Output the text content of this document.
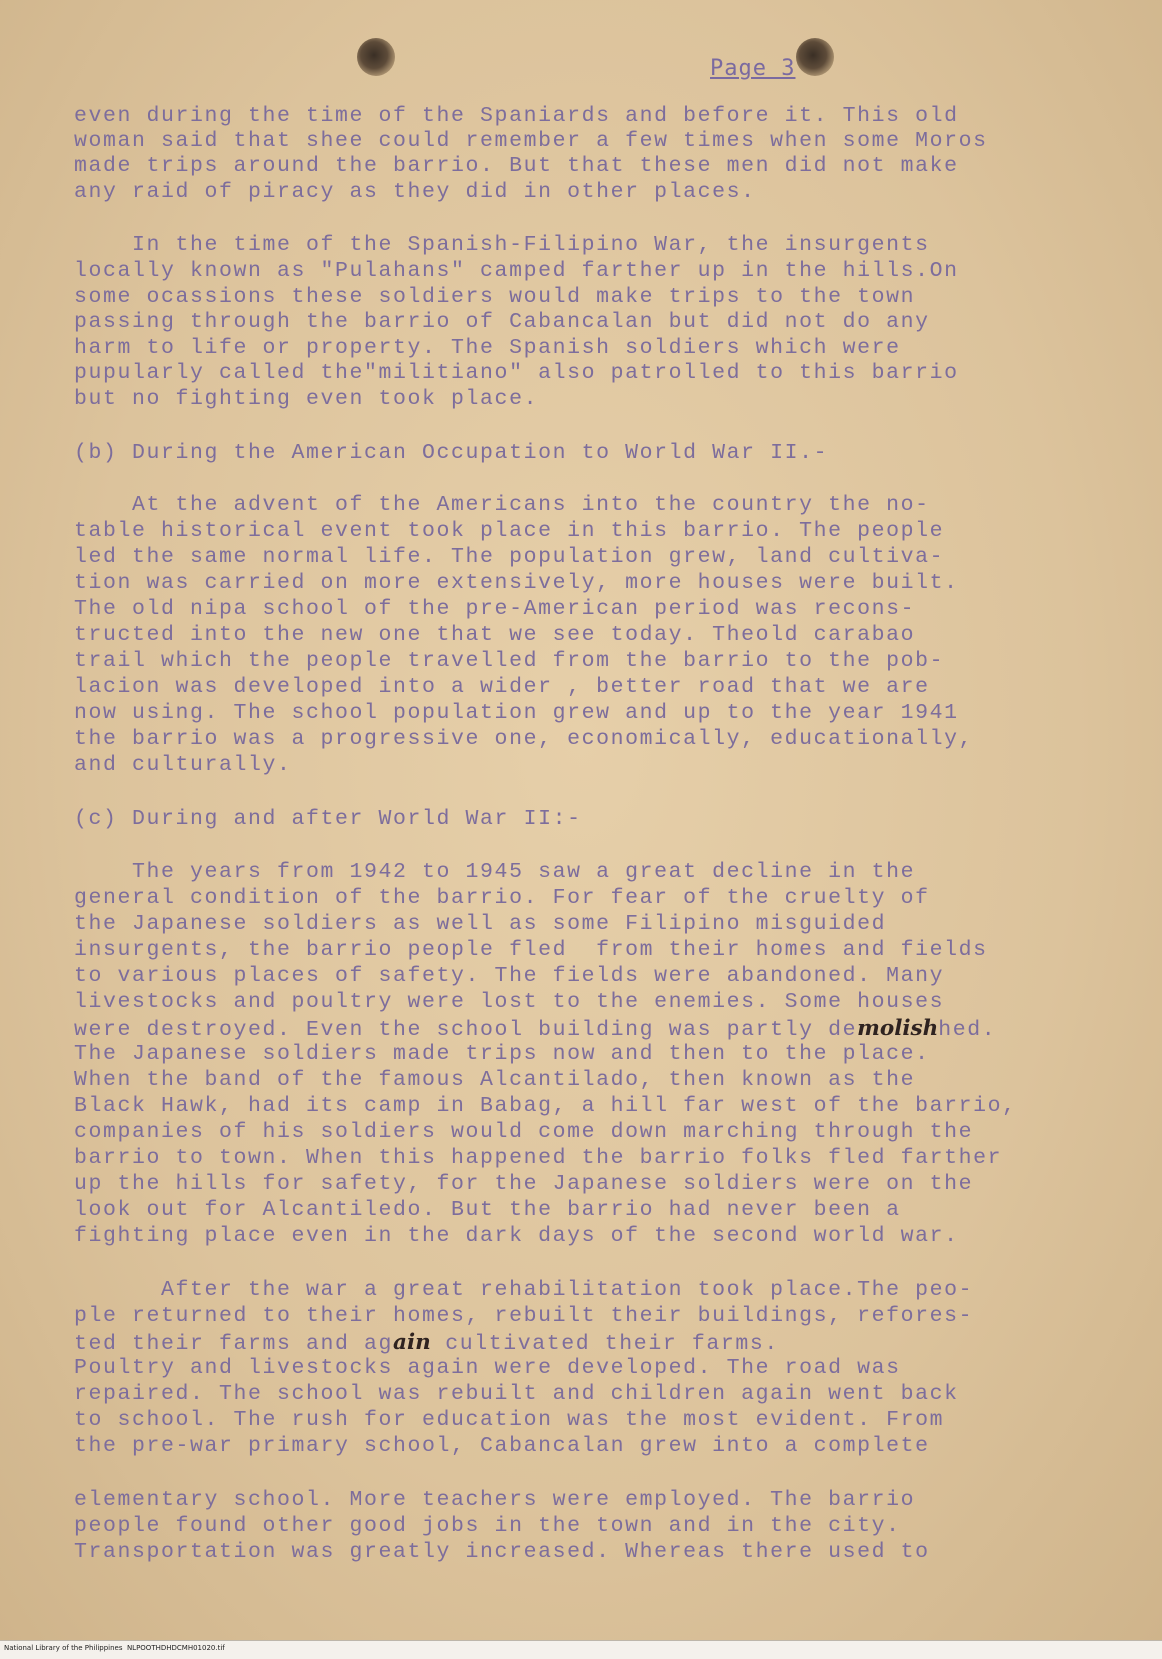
Page 3
even during the time of the Spaniards and before it. This old
woman said that shee could remember a few times when some Moros
made trips around the barrio. But that these men did not make
any raid of piracy as they did in other places.
In the time of the Spanish-Filipino War, the insurgents
locally known as "Pulahans" camped farther up in the hills.On
some ocassions these soldiers would make trips to the town
passing through the barrio of Cabancalan but did not do any
harm to life or property. The Spanish soldiers which were
pupularly called the"militiano" also patrolled to this barrio
but no fighting even took place.
(b) During the American Occupation to World War II.-
At the advent of the Americans into the country the no-
table historical event took place in this barrio. The people
led the same normal life. The population grew, land cultiva-
tion was carried on more extensively, more houses were built.
The old nipa school of the pre-American period was recons-
tructed into the new one that we see today. Theold carabao
trail which the people travelled from the barrio to the pob-
lacion was developed into a wider , better road that we are
now using. The school population grew and up to the year 1941
the barrio was a progressive one, economically, educationally,
and culturally.
(c) During and after World War II:-
The years from 1942 to 1945 saw a great decline in the
general condition of the barrio. For fear of the cruelty of
the Japanese soldiers as well as some Filipino misguided
insurgents, the barrio people fled  from their homes and fields
to various places of safety. The fields were abandoned. Many
livestocks and poultry were lost to the enemies. Some houses
were destroyed. Even the school building was partly demolishhed.
The Japanese soldiers made trips now and then to the place.
When the band of the famous Alcantilado, then known as the
Black Hawk, had its camp in Babag, a hill far west of the barrio,
companies of his soldiers would come down marching through the
barrio to town. When this happened the barrio folks fled farther
up the hills for safety, for the Japanese soldiers were on the
look out for Alcantiledo. But the barrio had never been a
fighting place even in the dark days of the second world war.
After the war a great rehabilitation took place.The peo-
ple returned to their homes, rebuilt their buildings, refores-
ted their farms and again cultivated their farms.
Poultry and livestocks again were developed. The road was
repaired. The school was rebuilt and children again went back
to school. The rush for education was the most evident. From
the pre-war primary school, Cabancalan grew into a complete
elementary school. More teachers were employed. The barrio
people found other good jobs in the town and in the city.
Transportation was greatly increased. Whereas there used to
National Library of the Philippines  NLPOOTHDHDCMH01020.tif
